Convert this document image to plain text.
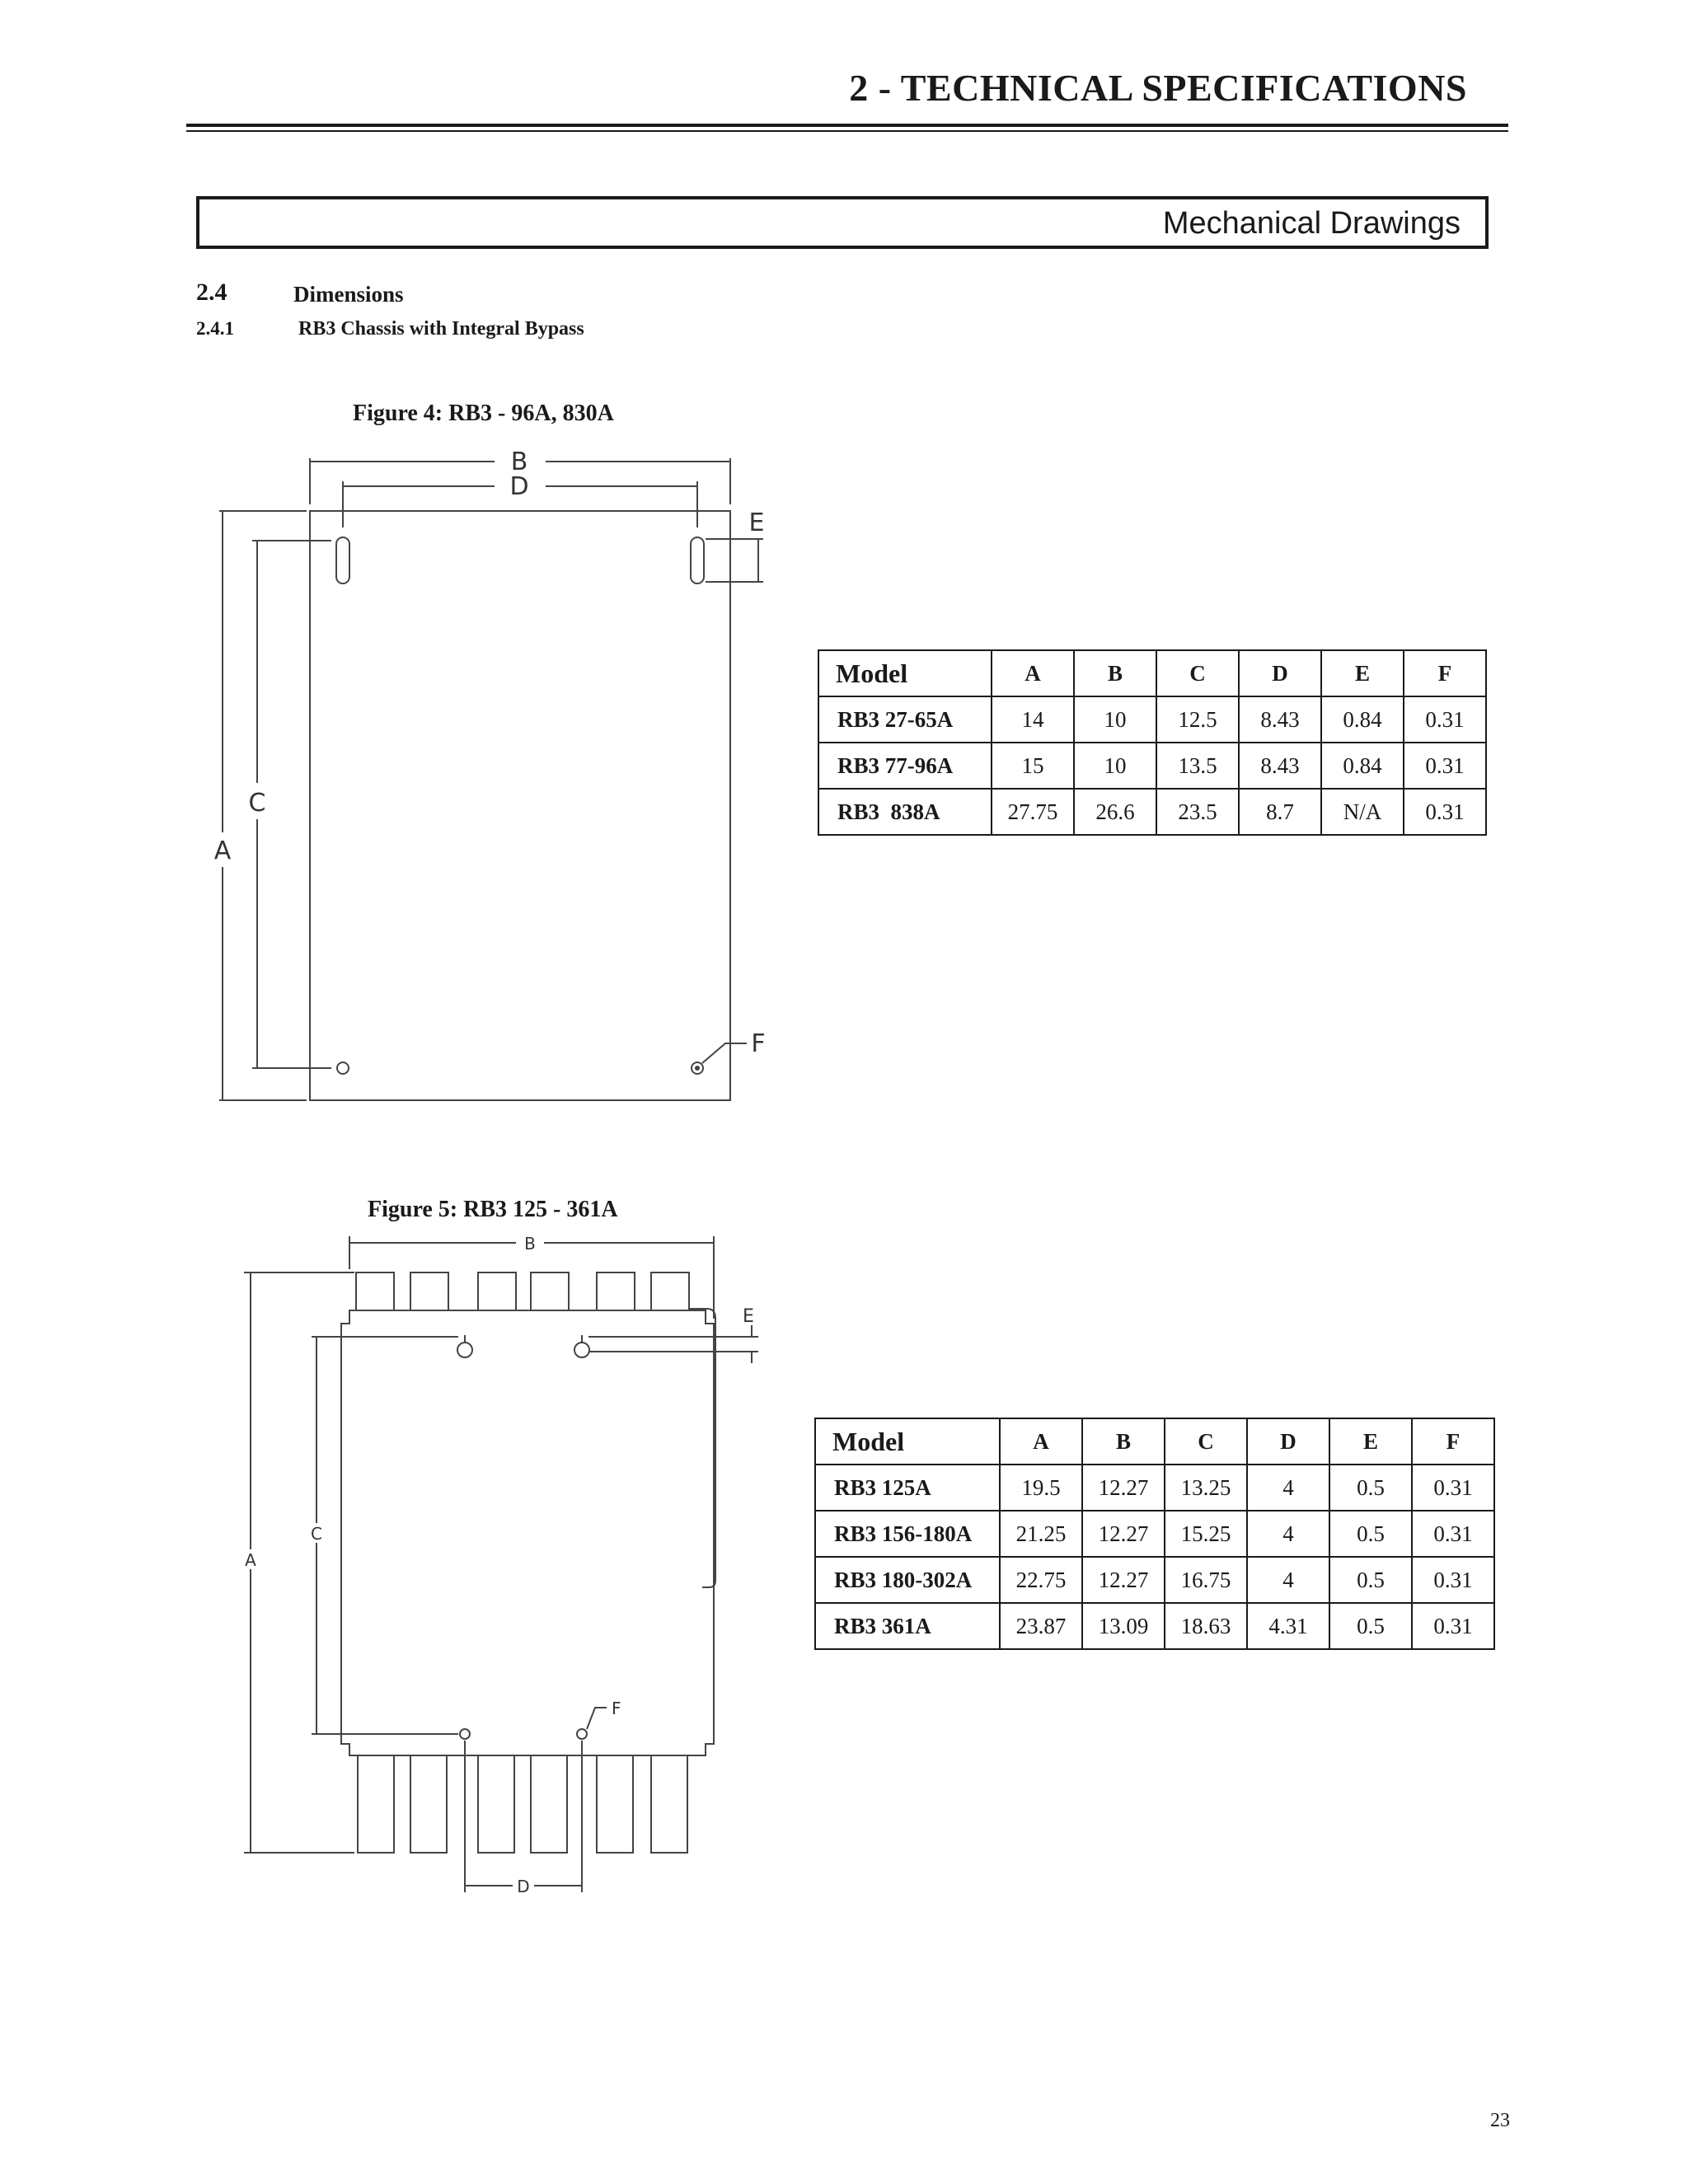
2 - TECHNICAL SPECIFICATIONS
Mechanical Drawings
2.4	Dimensions
2.4.1	RB3 Chassis with Integral Bypass
Figure 4: RB3 - 96A, 830A
B
D
E
A
C
F
Model	A	B	C	D	E	F
RB3 27-65A	14	10	12.5	8.43	0.84	0.31
RB3 77-96A	15	10	13.5	8.43	0.84	0.31
RB3  838A	27.75	26.6	23.5	8.7	N/A	0.31
Figure 5: RB3 125 - 361A
B
E
A
C
D
F
Model	A	B	C	D	E	F
RB3 125A	19.5	12.27	13.25	4	0.5	0.31
RB3 156-180A	21.25	12.27	15.25	4	0.5	0.31
RB3 180-302A	22.75	12.27	16.75	4	0.5	0.31
RB3 361A	23.87	13.09	18.63	4.31	0.5	0.31
23
